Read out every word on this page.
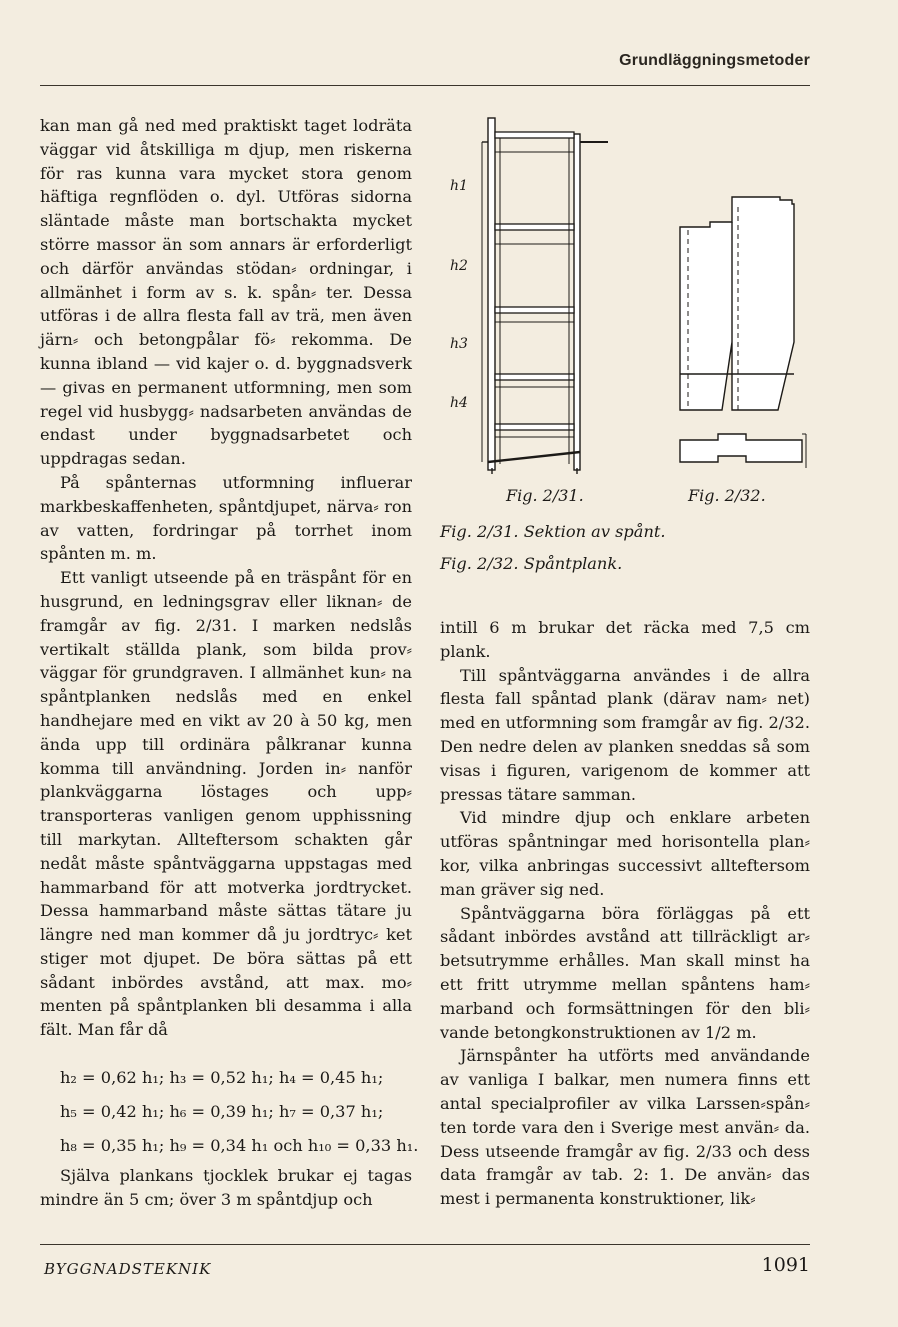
Grundläggningsmetoder

kan man gå ned med praktiskt taget lodräta väggar vid åtskilliga m djup, men riskerna för ras kunna vara mycket stora genom häftiga regnflöden o. dyl. Utföras sidorna släntade måste man bortschakta mycket större massor än som annars är erforderligt och därför användas stödan⸗ ordningar, i allmänhet i form av s. k. spån⸗ ter. Dessa utföras i de allra flesta fall av trä, men även järn⸗ och betongpålar fö⸗ rekomma. De kunna ibland — vid kajer o. d. byggnadsverk — givas en permanent utformning, men som regel vid husbygg⸗ nadsarbeten användas de endast under byggnadsarbetet och uppdragas sedan.

På spånternas utformning influerar markbeskaffenheten, spåntdjupet, närva⸗ ron av vatten, fordringar på torrhet inom spånten m. m.

Ett vanligt utseende på en träspånt för en husgrund, en ledningsgrav eller liknan⸗ de framgår av fig. 2/31. I marken nedslås vertikalt ställda plank, som bilda prov⸗ väggar för grundgraven. I allmänhet kun⸗ na spåntplanken nedslås med en enkel handhejare med en vikt av 20 à 50 kg, men ända upp till ordinära pålkranar kunna komma till användning. Jorden in⸗ nanför plankväggarna löstages och upp⸗ transporteras vanligen genom upphissning till markytan. Allteftersom schakten går nedåt måste spåntväggarna uppstagas med hammarband för att motverka jordtrycket. Dessa hammarband måste sättas tätare ju längre ned man kommer då ju jordtryc⸗ ket stiger mot djupet. De böra sättas på ett sådant inbördes avstånd, att max. mo⸗ menten på spåntplanken bli desamma i alla fält. Man får då

h₂ = 0,62 h₁; h₃ = 0,52 h₁; h₄ = 0,45 h₁;
h₅ = 0,42 h₁; h₆ = 0,39 h₁; h₇ = 0,37 h₁;
h₈ = 0,35 h₁; h₉ = 0,34 h₁ och h₁₀ = 0,33 h₁.

Själva plankans tjocklek brukar ej tagas mindre än 5 cm; över 3 m spåntdjup och

h1
h2
h3
h4
Fig. 2/31.	Fig. 2/32.
Fig. 2/31. Sektion av spånt.
Fig. 2/32. Spåntplank.

intill 6 m brukar det räcka med 7,5 cm plank.

Till spåntväggarna användes i de allra flesta fall spåntad plank (därav nam⸗ net) med en utformning som framgår av fig. 2/32. Den nedre delen av planken sneddas så som visas i figuren, varigenom de kommer att pressas tätare samman.

Vid mindre djup och enklare arbeten utföras spåntningar med horisontella plan⸗ kor, vilka anbringas successivt allteftersom man gräver sig ned.

Spåntväggarna böra förläggas på ett sådant inbördes avstånd att tillräckligt ar⸗ betsutrymme erhålles. Man skall minst ha ett fritt utrymme mellan spåntens ham⸗ marband och formsättningen för den bli⸗ vande betongkonstruktionen av 1/2 m.

Järnspånter ha utförts med användande av vanliga I balkar, men numera finns ett antal specialprofiler av vilka Larssen⸗spån⸗ ten torde vara den i Sverige mest använ⸗ da. Dess utseende framgår av fig. 2/33 och dess data framgår av tab. 2: 1. De använ⸗ das mest i permanenta konstruktioner, lik⸗

BYGGNADSTEKNIK	1091
